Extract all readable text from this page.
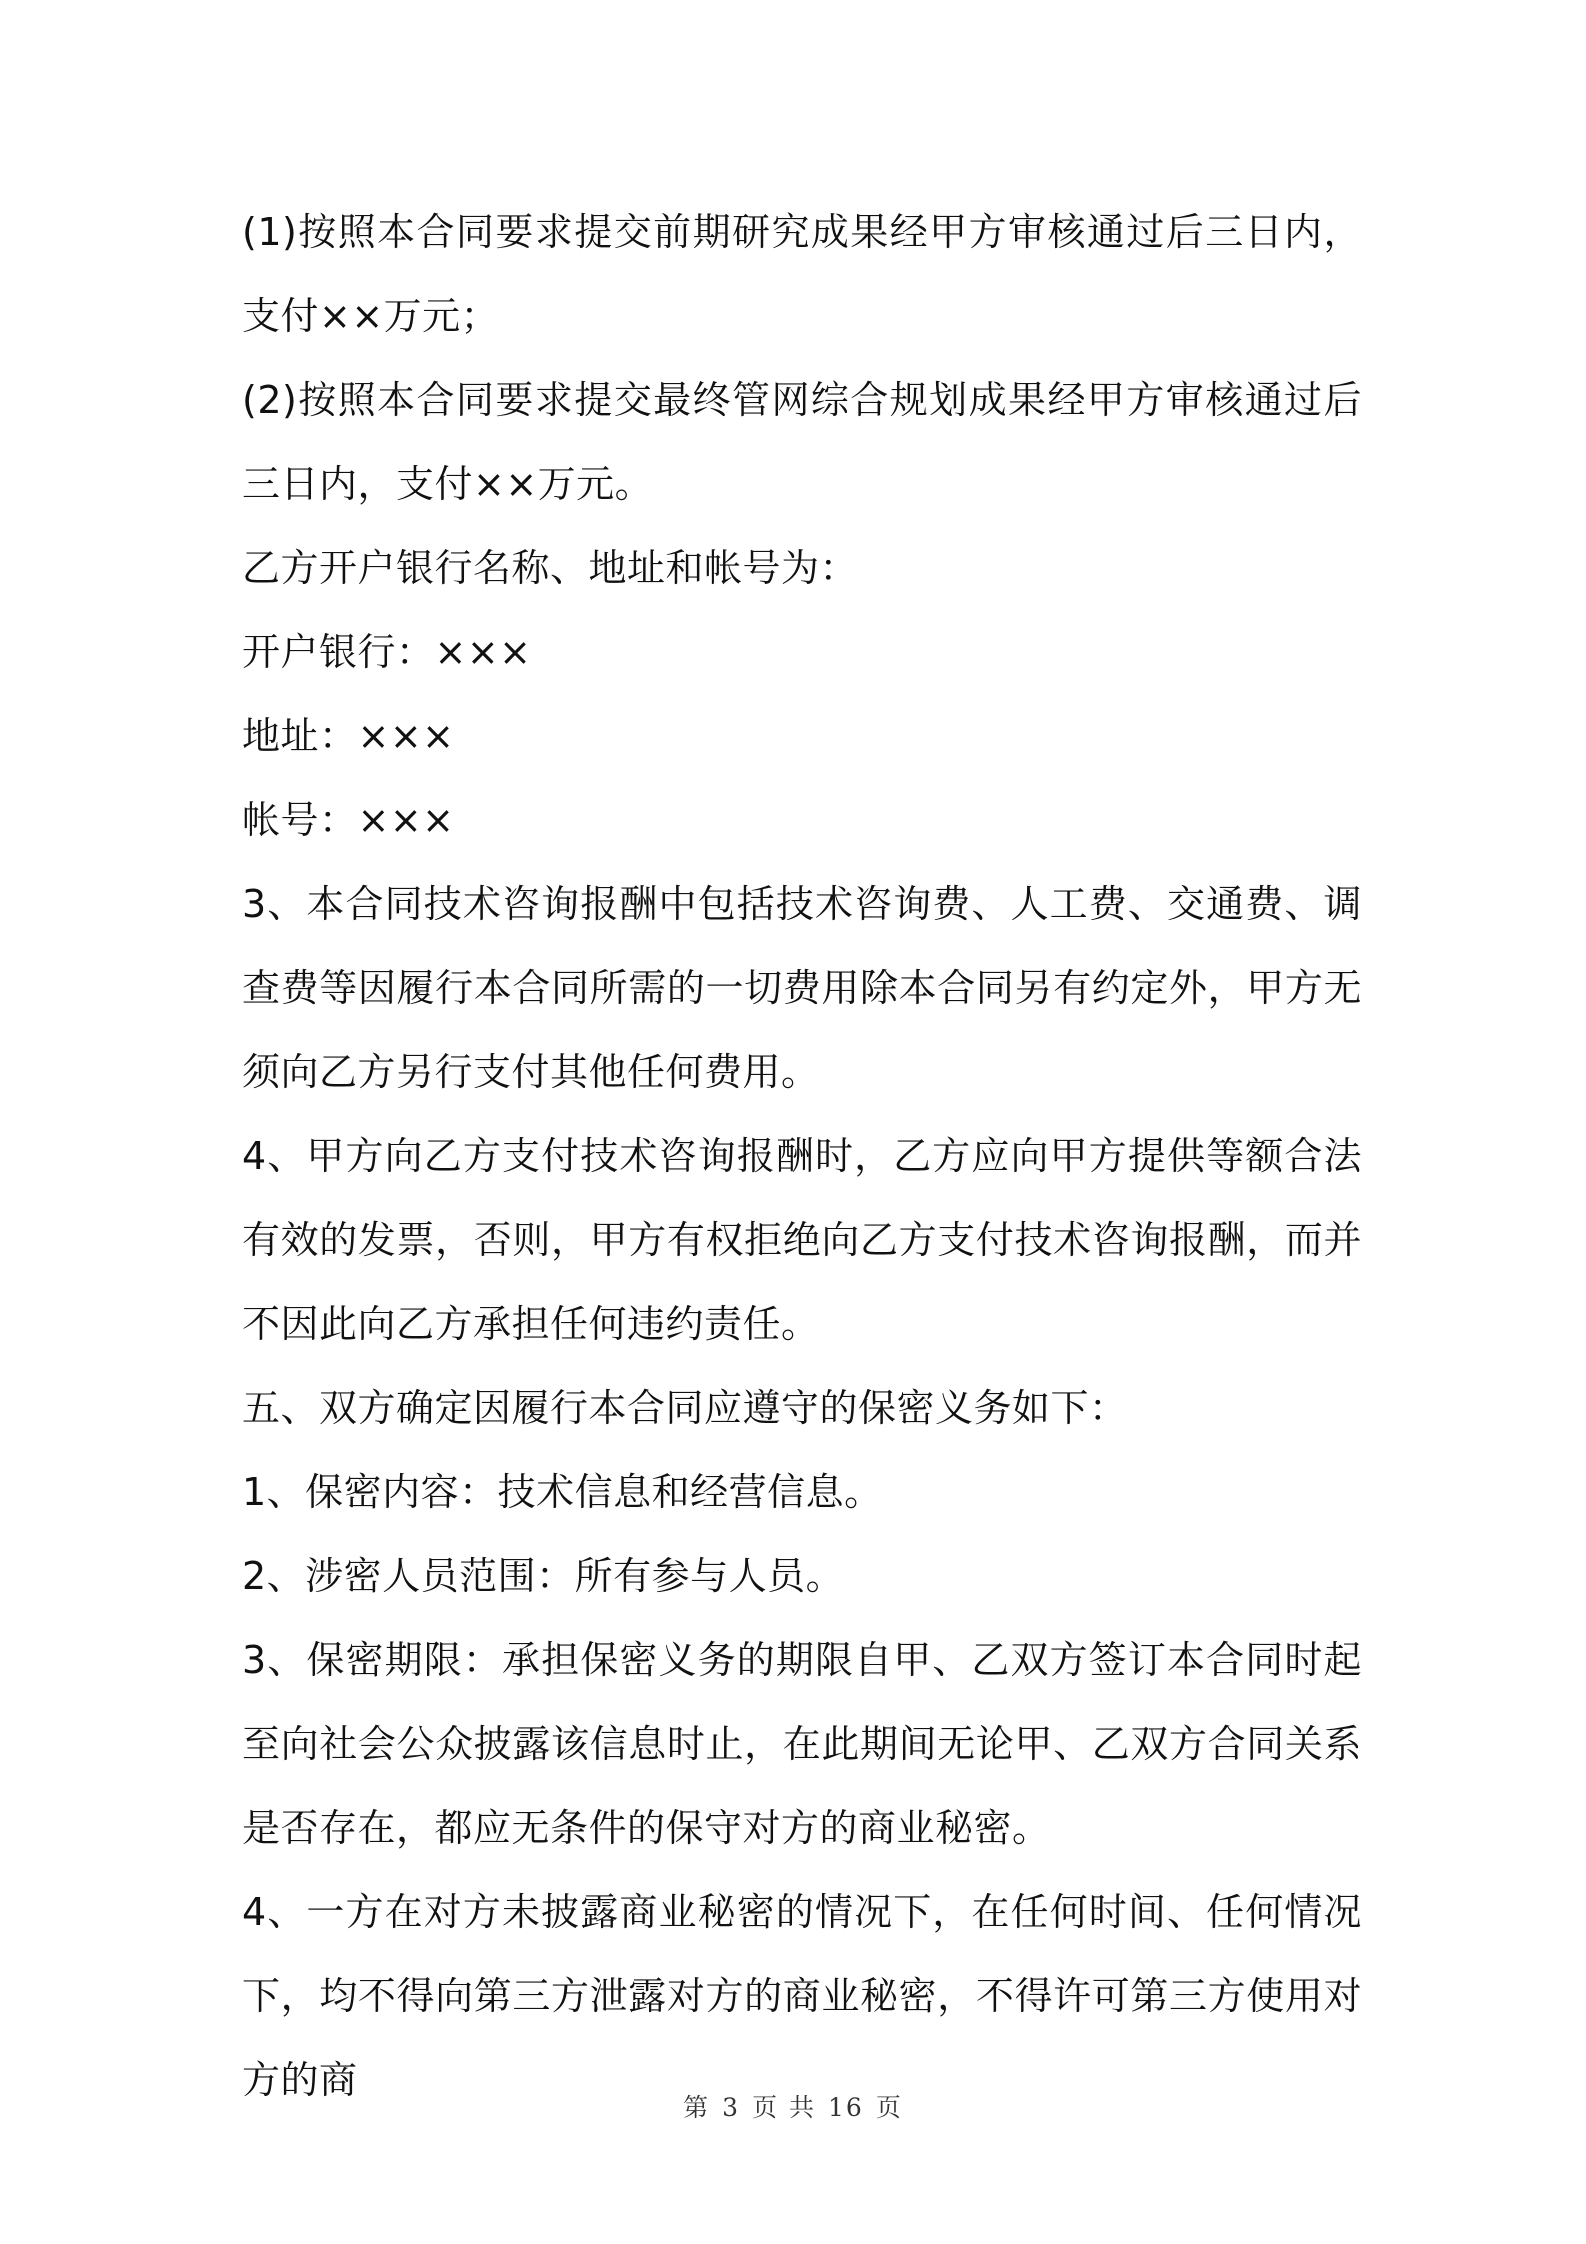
(1)按照本合同要求提交前期研究成果经甲方审核通过后三日内，支付××万元；

(2)按照本合同要求提交最终管网综合规划成果经甲方审核通过后三日内，支付××万元。

乙方开户银行名称、地址和帐号为：

开户银行：×××

地址：×××

帐号：×××

3、本合同技术咨询报酬中包括技术咨询费、人工费、交通费、调查费等因履行本合同所需的一切费用除本合同另有约定外，甲方无须向乙方另行支付其他任何费用。

4、甲方向乙方支付技术咨询报酬时，乙方应向甲方提供等额合法有效的发票，否则，甲方有权拒绝向乙方支付技术咨询报酬，而并不因此向乙方承担任何违约责任。

五、双方确定因履行本合同应遵守的保密义务如下：

1、保密内容：技术信息和经营信息。

2、涉密人员范围：所有参与人员。

3、保密期限：承担保密义务的期限自甲、乙双方签订本合同时起至向社会公众披露该信息时止，在此期间无论甲、乙双方合同关系是否存在，都应无条件的保守对方的商业秘密。

4、一方在对方未披露商业秘密的情况下，在任何时间、任何情况下，均不得向第三方泄露对方的商业秘密，不得许可第三方使用对方的商

第 3 页 共 16 页
